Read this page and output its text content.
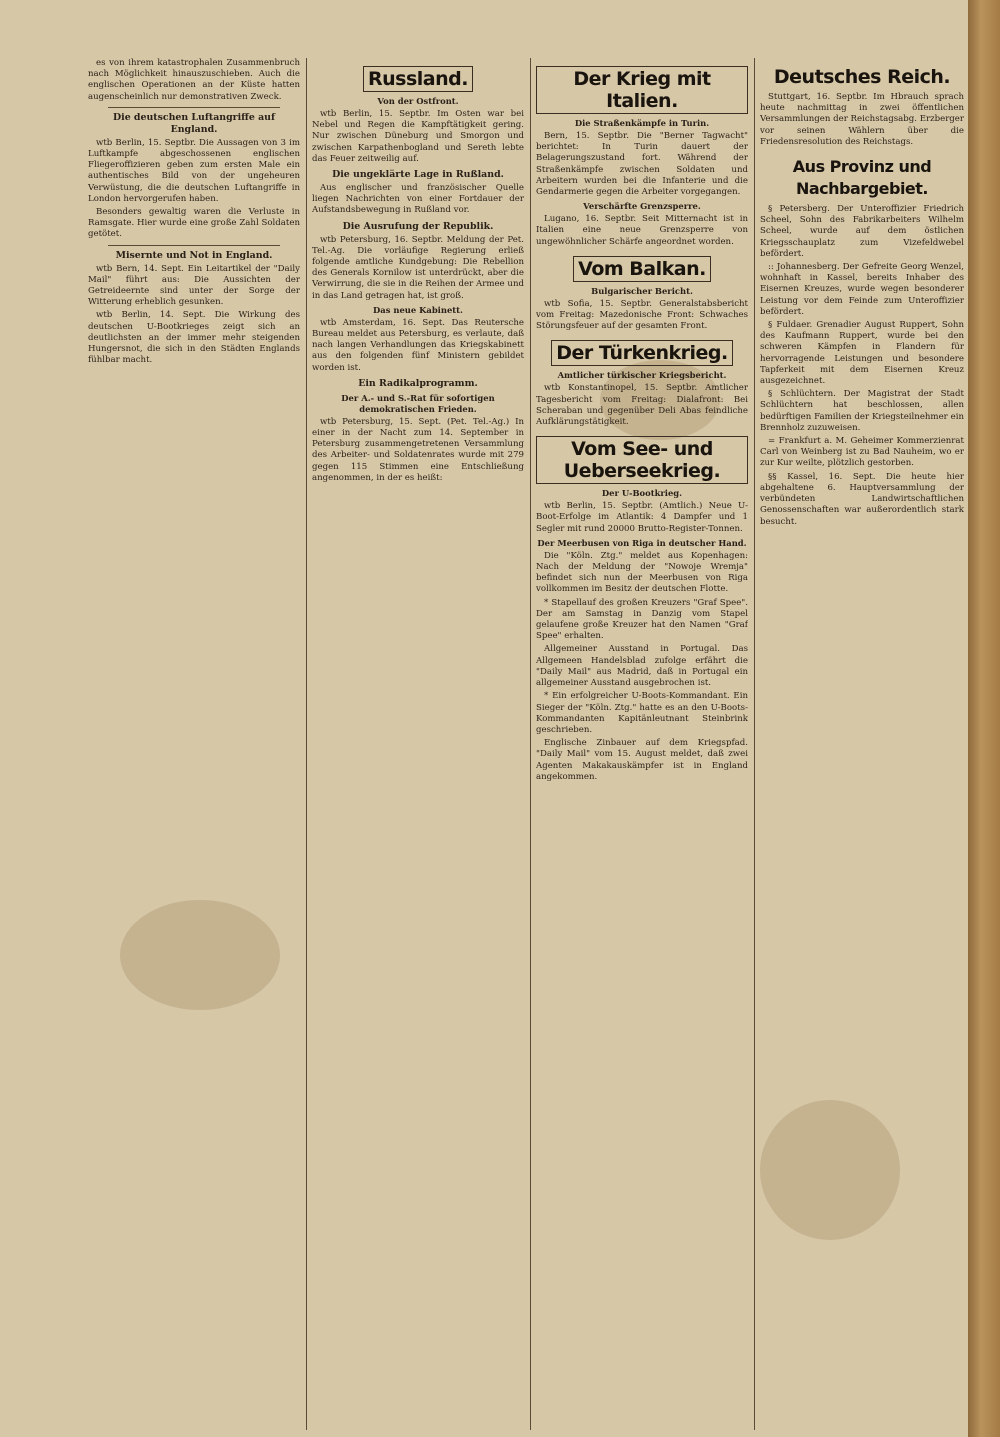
es von ihrem katastrophalen Zusammenbruch nach Möglichkeit hinauszuschieben. Auch die englischen Operationen an der Küste hatten augenscheinlich nur demonstrativen Zweck.

Die deutschen Luftangriffe auf England.

wtb Berlin, 15. Septbr. Die Aussagen von 3 im Luftkampfe abgeschossenen englischen Fliegeroffizieren geben zum ersten Male ein authentisches Bild von der ungeheuren Verwüstung, die die deutschen Luftangriffe in London hervorgerufen haben.

Besonders gewaltig waren die Verluste in Ramsgate. Hier wurde eine große Zahl Soldaten getötet.

Misernte und Not in England.

wtb Bern, 14. Sept. Ein Leitartikel der "Daily Mail" führt aus: Die Aussichten der Getreideernte sind unter der Sorge der Witterung erheblich gesunken.

wtb Berlin, 14. Sept. Die Wirkung des deutschen U-Bootkrieges zeigt sich an deutlichsten an der immer mehr steigenden Hungersnot, die sich in den Städten Englands fühlbar macht.

Russland.
Von der Ostfront.

wtb Berlin, 15. Septbr. Im Osten war bei Nebel und Regen die Kampftätigkeit gering. Nur zwischen Düneburg und Smorgon und zwischen Karpathenbogland und Sereth lebte das Feuer zeitweilig auf.

Die ungeklärte Lage in Rußland.

Aus englischer und französischer Quelle liegen Nachrichten von einer Fortdauer der Aufstandsbewegung in Rußland vor.

Die Ausrufung der Republik.

wtb Petersburg, 16. Septbr. Meldung der Pet. Tel.-Ag. Die vorläufige Regierung erließ folgende amtliche Kundgebung: Die Rebellion des Generals Kornilow ist unterdrückt, aber die Verwirrung, die sie in die Reihen der Armee und in das Land getragen hat, ist groß.

Das neue Kabinett.

wtb Amsterdam, 16. Sept. Das Reutersche Bureau meldet aus Petersburg, es verlaute, daß nach langen Verhandlungen das Kriegskabinett aus den folgenden fünf Ministern gebildet worden ist.

Ein Radikalprogramm.
Der A.- und S.-Rat für sofortigen demokratischen Frieden.

wtb Petersburg, 15. Sept. (Pet. Tel.-Ag.) In einer in der Nacht zum 14. September in Petersburg zusammengetretenen Versammlung des Arbeiter- und Soldatenrates wurde mit 279 gegen 115 Stimmen eine Entschließung angenommen, in der es heißt:

Der Krieg mit Italien.
Die Straßenkämpfe in Turin.

Bern, 15. Septbr. Die "Berner Tagwacht" berichtet: In Turin dauert der Belagerungszustand fort. Während der Straßenkämpfe zwischen Soldaten und Arbeitern wurden bei die Infanterie und die Gendarmerie gegen die Arbeiter vorgegangen.

Verschärfte Grenzsperre.

Lugano, 16. Septbr. Seit Mitternacht ist in Italien eine neue Grenzsperre von ungewöhnlicher Schärfe angeordnet worden.

Vom Balkan.
Bulgarischer Bericht.

wtb Sofia, 15. Septbr. Generalstabsbericht vom Freitag: Mazedonische Front: Schwaches Störungsfeuer auf der gesamten Front.

Der Türkenkrieg.
Amtlicher türkischer Kriegsbericht.

wtb Konstantinopel, 15. Septbr. Amtlicher Tagesbericht vom Freitag: Dialafront: Bei Scheraban und gegenüber Deli Abas feindliche Aufklärungstätigkeit.

Vom See- und Ueberseekrieg.
Der U-Bootkrieg.

wtb Berlin, 15. Septbr. (Amtlich.) Neue U-Boot-Erfolge im Atlantik: 4 Dampfer und 1 Segler mit rund 20000 Brutto-Register-Tonnen.

Der Meerbusen von Riga in deutscher Hand.

Die "Köln. Ztg." meldet aus Kopenhagen: Nach der Meldung der "Nowoje Wremja" befindet sich nun der Meerbusen von Riga vollkommen im Besitz der deutschen Flotte.

* Stapellauf des großen Kreuzers "Graf Spee". Der am Samstag in Danzig vom Stapel gelaufene große Kreuzer hat den Namen "Graf Spee" erhalten.

Allgemeiner Ausstand in Portugal. Das Allgemeen Handelsblad zufolge erfährt die "Daily Mail" aus Madrid, daß in Portugal ein allgemeiner Ausstand ausgebrochen ist.

* Ein erfolgreicher U-Boots-Kommandant. Ein Sieger der "Köln. Ztg." hatte es an den U-Boots-Kommandanten Kapitänleutnant Steinbrink geschrieben.

Englische Zinbauer auf dem Kriegspfad. "Daily Mail" vom 15. August meldet, daß zwei Agenten Makakauskämpfer ist in England angekommen.

Deutsches Reich.

Stuttgart, 16. Septbr. Im Hbrauch sprach heute nachmittag in zwei öffentlichen Versammlungen der Reichstagsabg. Erzberger vor seinen Wählern über die Friedensresolution des Reichstags.

Aus Provinz und Nachbargebiet.

§ Petersberg. Der Unteroffizier Friedrich Scheel, Sohn des Fabrikarbeiters Wilhelm Scheel, wurde auf dem östlichen Kriegsschauplatz zum Vizefeldwebel befördert.

:: Johannesberg. Der Gefreite Georg Wenzel, wohnhaft in Kassel, bereits Inhaber des Eisernen Kreuzes, wurde wegen besonderer Leistung vor dem Feinde zum Unteroffizier befördert.

§ Fuldaer. Grenadier August Ruppert, Sohn des Kaufmann Ruppert, wurde bei den schweren Kämpfen in Flandern für hervorragende Leistungen und besondere Tapferkeit mit dem Eisernen Kreuz ausgezeichnet.

§ Schlüchtern. Der Magistrat der Stadt Schlüchtern hat beschlossen, allen bedürftigen Familien der Kriegsteilnehmer ein Brennholz zuzuweisen.

= Frankfurt a. M. Geheimer Kommerzienrat Carl von Weinberg ist zu Bad Nauheim, wo er zur Kur weilte, plötzlich gestorben.

§§ Kassel, 16. Sept. Die heute hier abgehaltene 6. Hauptversammlung der verbündeten Landwirtschaftlichen Genossenschaften war außerordentlich stark besucht.
